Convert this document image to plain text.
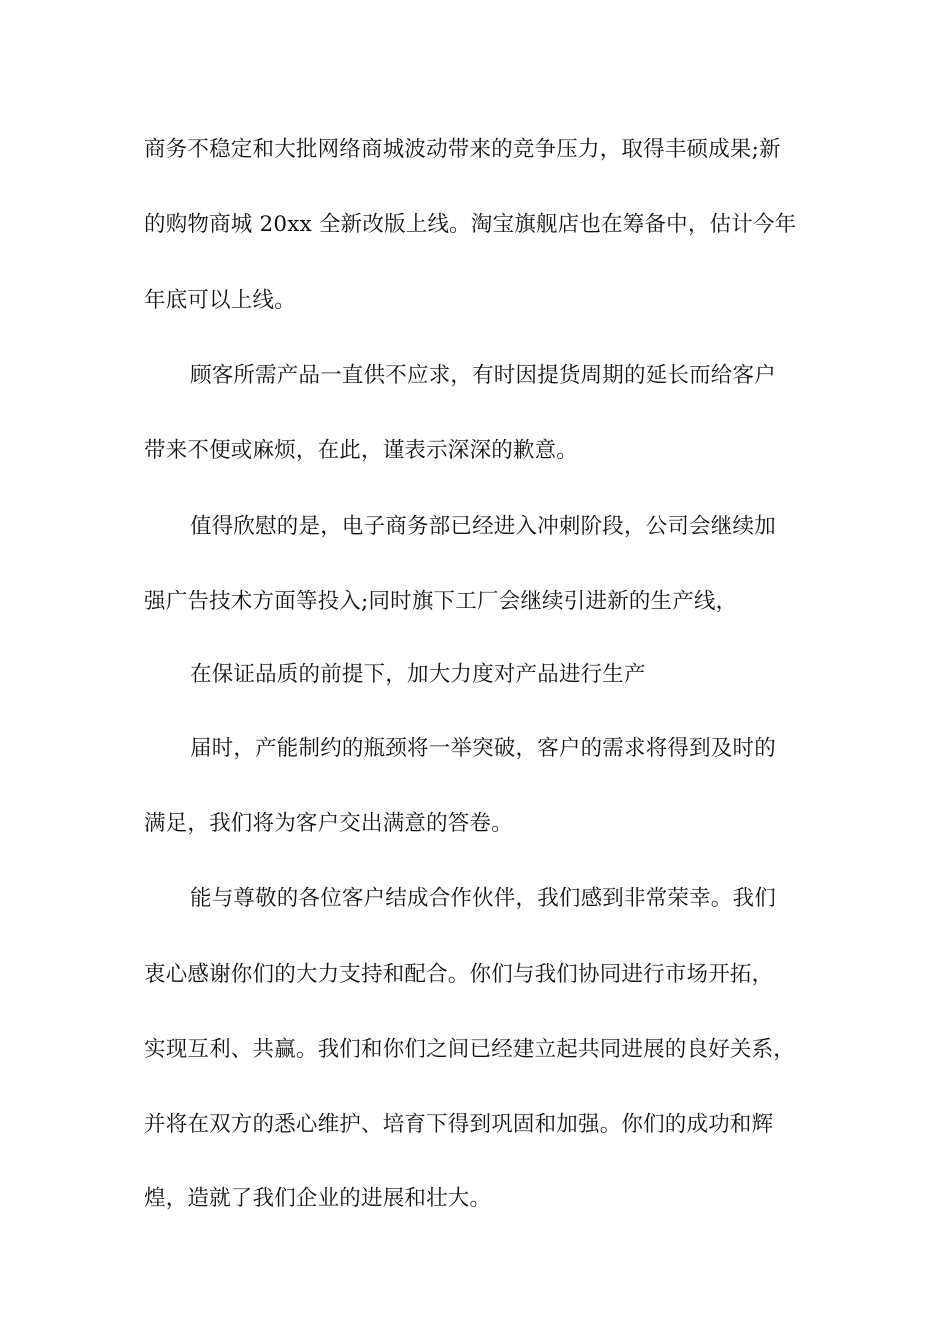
商务不稳定和大批网络商城波动带来的竞争压力，取得丰硕成果;新
的购物商城 20xx 全新改版上线。淘宝旗舰店也在筹备中，估计今年
年底可以上线。
顾客所需产品一直供不应求，有时因提货周期的延长而给客户
带来不便或麻烦，在此，谨表示深深的歉意。
值得欣慰的是，电子商务部已经进入冲刺阶段，公司会继续加
强广告技术方面等投入;同时旗下工厂会继续引进新的生产线，
在保证品质的前提下，加大力度对产品进行生产
届时，产能制约的瓶颈将一举突破，客户的需求将得到及时的
满足，我们将为客户交出满意的答卷。
能与尊敬的各位客户结成合作伙伴，我们感到非常荣幸。我们
衷心感谢你们的大力支持和配合。你们与我们协同进行市场开拓，
实现互利、共赢。我们和你们之间已经建立起共同进展的良好关系，
并将在双方的悉心维护、培育下得到巩固和加强。你们的成功和辉
煌，造就了我们企业的进展和壮大。
